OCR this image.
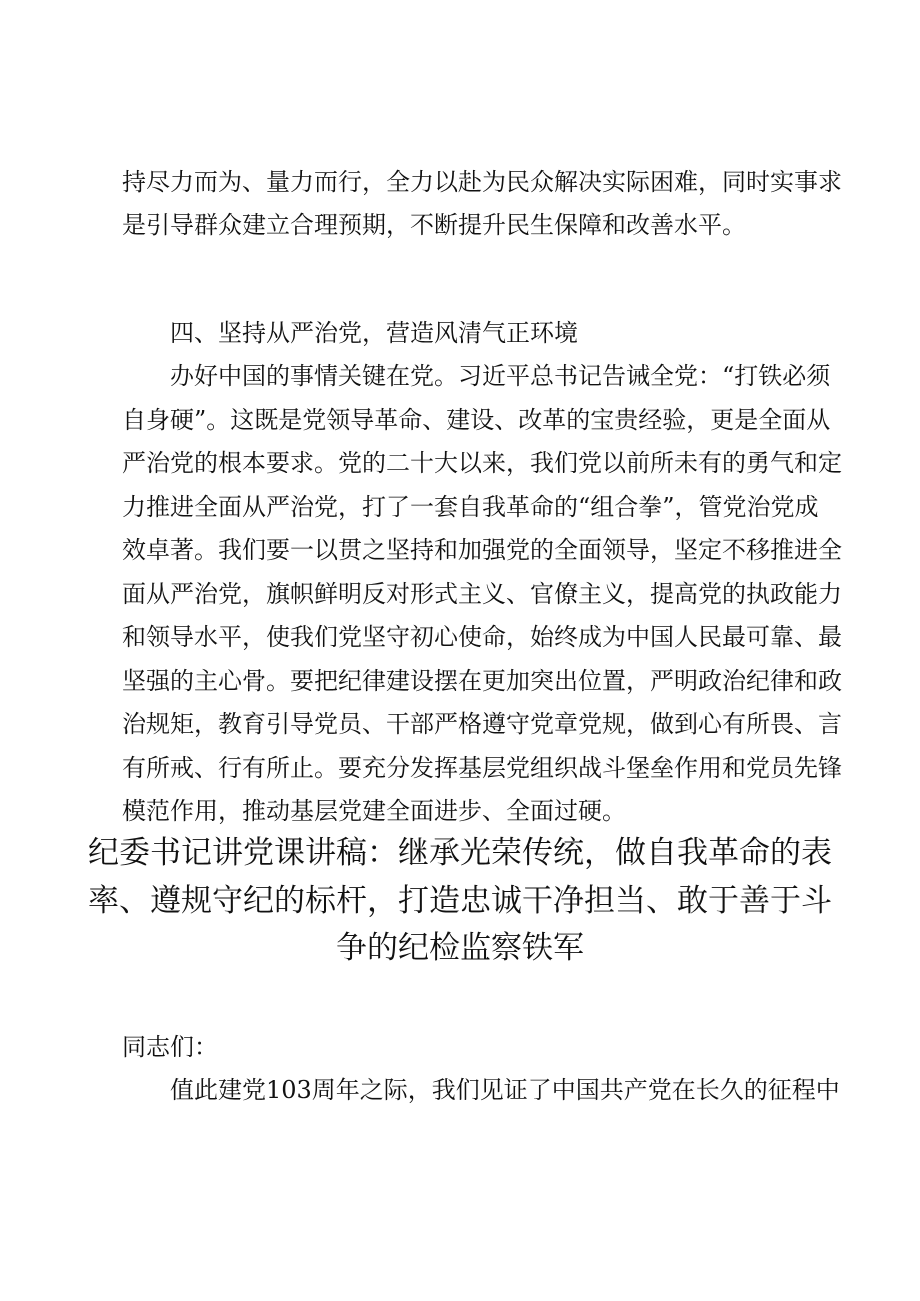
持尽力而为、量力而行，全力以赴为民众解决实际困难，同时实事求
是引导群众建立合理预期，不断提升民生保障和改善水平。
四、坚持从严治党，营造风清气正环境
办好中国的事情关键在党。习近平总书记告诫全党：“打铁必须
自身硬”。这既是党领导革命、建设、改革的宝贵经验，更是全面从
严治党的根本要求。党的二十大以来，我们党以前所未有的勇气和定
力推进全面从严治党，打了一套自我革命的“组合拳”，管党治党成
效卓著。我们要一以贯之坚持和加强党的全面领导，坚定不移推进全
面从严治党，旗帜鲜明反对形式主义、官僚主义，提高党的执政能力
和领导水平，使我们党坚守初心使命，始终成为中国人民最可靠、最
坚强的主心骨。要把纪律建设摆在更加突出位置，严明政治纪律和政
治规矩，教育引导党员、干部严格遵守党章党规，做到心有所畏、言
有所戒、行有所止。要充分发挥基层党组织战斗堡垒作用和党员先锋
模范作用，推动基层党建全面进步、全面过硬。
纪委书记讲党课讲稿：继承光荣传统，做自我革命的表
率、遵规守纪的标杆，打造忠诚干净担当、敢于善于斗
争的纪检监察铁军
同志们：
值此建党103周年之际，我们见证了中国共产党在长久的征程中
